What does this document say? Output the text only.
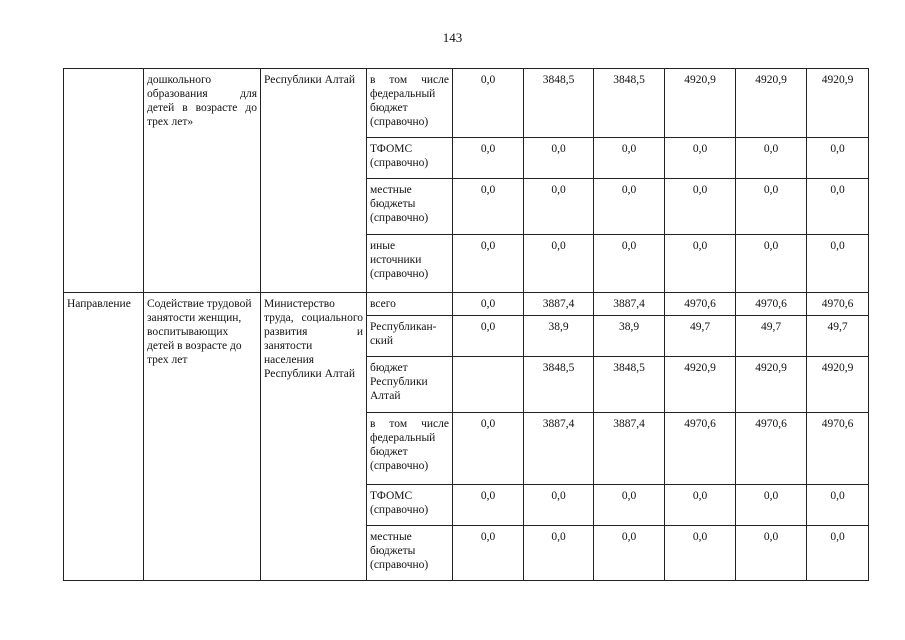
143
	дошкольного образования для детей в возрасте до трех лет»	Республики Алтай	в том числе федеральный бюджет (справочно)	0,0	3848,5	3848,5	4920,9	4920,9	4920,9
			ТФОМС (справочно)	0,0	0,0	0,0	0,0	0,0	0,0
			местные бюджеты (справочно)	0,0	0,0	0,0	0,0	0,0	0,0
			иные источники (справочно)	0,0	0,0	0,0	0,0	0,0	0,0
Направление	Содействие трудовой занятости женщин, воспитывающих детей в возрасте до трех лет	Министерство труда, социального развития и занятости населения Республики Алтай	всего	0,0	3887,4	3887,4	4970,6	4970,6	4970,6
			Республикан-ский	0,0	38,9	38,9	49,7	49,7	49,7
			бюджет Республики Алтай		3848,5	3848,5	4920,9	4920,9	4920,9
			в том числе федеральный бюджет (справочно)	0,0	3887,4	3887,4	4970,6	4970,6	4970,6
			ТФОМС (справочно)	0,0	0,0	0,0	0,0	0,0	0,0
			местные бюджеты (справочно)	0,0	0,0	0,0	0,0	0,0	0,0
